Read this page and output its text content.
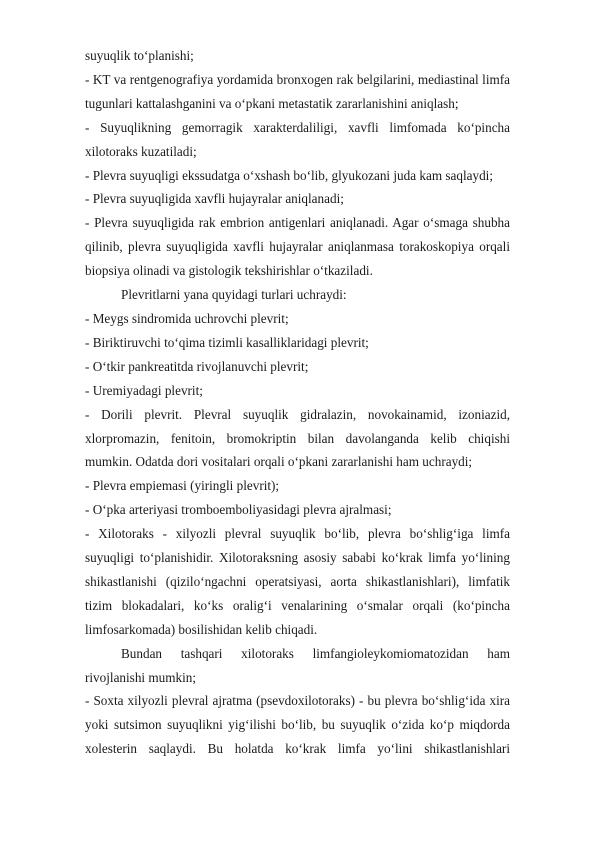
suyuqlik to‘planishi;

- KT va rentgenografiya yordamida bronxogen rak belgilarini, mediastinal limfa tugunlari kattalashganini va o‘pkani metastatik zararlanishini aniqlash;

- Suyuqlikning gemorragik xarakterdaliligi, xavfli limfomada ko‘pincha xilotoraks kuzatiladi;

- Plevra suyuqligi ekssudatga o‘xshash bo‘lib, glyukozani juda kam saqlaydi;

- Plevra suyuqligida xavfli hujayralar aniqlanadi;

- Plevra suyuqligida rak embrion antigenlari aniqlanadi. Agar o‘smaga shubha qilinib, plevra suyuqligida xavfli hujayralar aniqlanmasa torakoskopiya orqali biopsiya olinadi va gistologik tekshirishlar o‘tkaziladi.

Plevritlarni yana quyidagi turlari uchraydi:

- Meygs sindromida uchrovchi plevrit;

- Biriktiruvchi to‘qima tizimli kasalliklaridagi plevrit;

- O‘tkir pankreatitda rivojlanuvchi plevrit;

- Uremiyadagi plevrit;

- Dorili plevrit. Plevral suyuqlik gidralazin, novokainamid, izoniazid, xlorpromazin, fenitoin, bromokriptin bilan davolanganda kelib chiqishi mumkin. Odatda dori vositalari orqali o‘pkani zararlanishi ham uchraydi;

- Plevra empiemasi (yiringli plevrit);

- O‘pka arteriyasi tromboemboliyasidagi plevra ajralmasi;

- Xilotoraks - xilyozli plevral suyuqlik bo‘lib, plevra bo‘shlig‘iga limfa suyuqligi to‘planishidir. Xilotoraksning asosiy sababi ko‘krak limfa yo‘lining shikastlanishi (qizilo‘ngachni operatsiyasi, aorta shikastlanishlari), limfatik tizim blokadalari, ko‘ks oralig‘i venalarining o‘smalar orqali (ko‘pincha limfosarkomada) bosilishidan kelib chiqadi.

Bundan tashqari xilotoraks limfangioleykomiomatozidan ham rivojlanishi mumkin;

- Soxta xilyozli plevral ajratma (psevdoxilotoraks) - bu plevra bo‘shlig‘ida xira yoki sutsimon suyuqlikni yig‘ilishi bo‘lib, bu suyuqlik o‘zida ko‘p miqdorda xolesterin saqlaydi. Bu holatda ko‘krak limfa yo‘lini shikastlanishlari
